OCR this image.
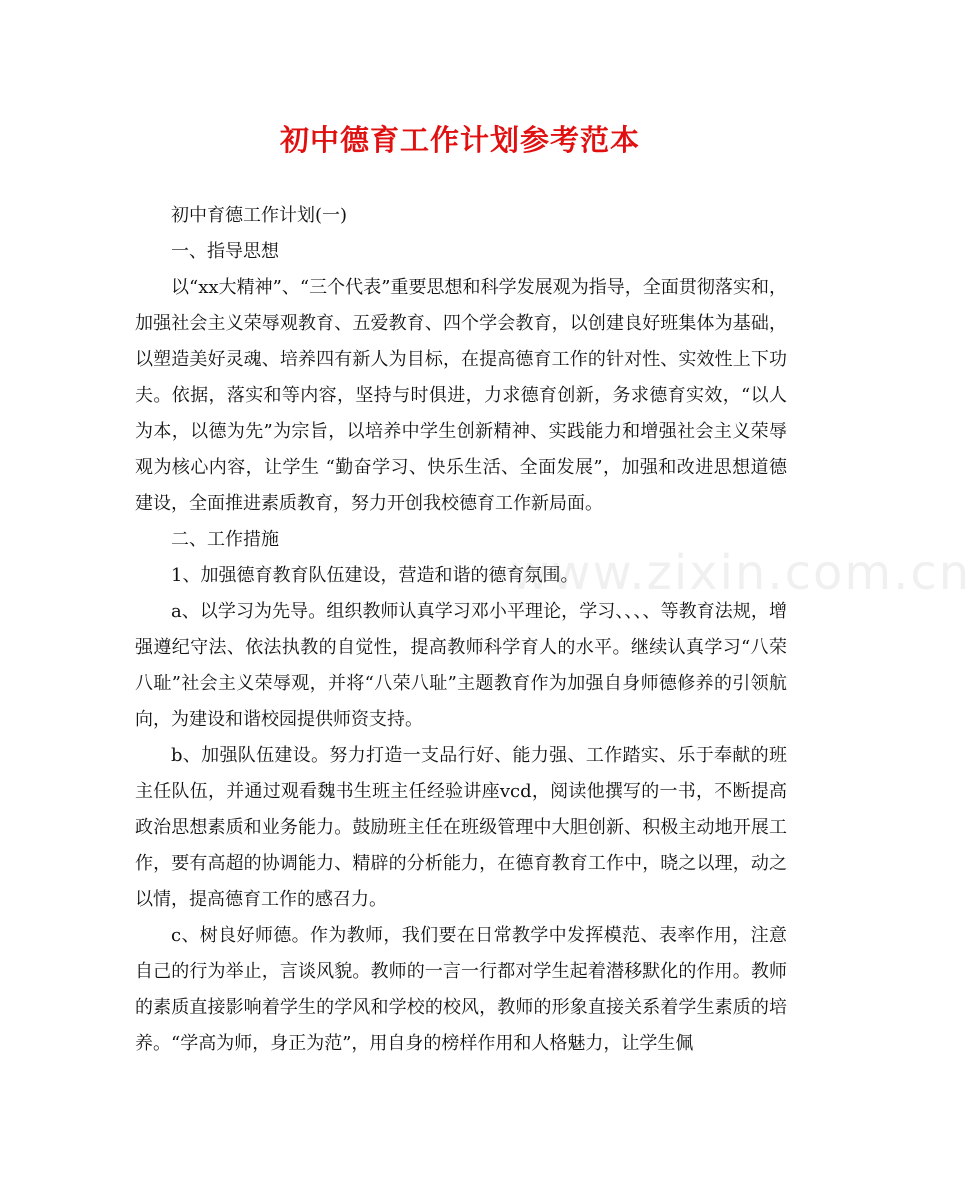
初中德育工作计划参考范本

初中育德工作计划(一)

一、指导思想

以“xx大精神”、“三个代表”重要思想和科学发展观为指导，全面贯彻落实和，加强社会主义荣辱观教育、五爱教育、四个学会教育，以创建良好班集体为基础，以塑造美好灵魂、培养四有新人为目标，在提高德育工作的针对性、实效性上下功夫。依据，落实和等内容，坚持与时俱进，力求德育创新，务求德育实效，“以人为本，以德为先”为宗旨，以培养中学生创新精神、实践能力和增强社会主义荣辱观为核心内容，让学生 “勤奋学习、快乐生活、全面发展”，加强和改进思想道德建设，全面推进素质教育，努力开创我校德育工作新局面。

二、工作措施

1、加强德育教育队伍建设，营造和谐的德育氛围。

a、以学习为先导。组织教师认真学习邓小平理论，学习、、、、等教育法规，增强遵纪守法、依法执教的自觉性，提高教师科学育人的水平。继续认真学习“八荣八耻”社会主义荣辱观，并将“八荣八耻”主题教育作为加强自身师德修养的引领航向，为建设和谐校园提供师资支持。

b、加强队伍建设。努力打造一支品行好、能力强、工作踏实、乐于奉献的班主任队伍，并通过观看魏书生班主任经验讲座vcd，阅读他撰写的一书，不断提高政治思想素质和业务能力。鼓励班主任在班级管理中大胆创新、积极主动地开展工作，要有高超的协调能力、精辟的分析能力，在德育教育工作中，晓之以理，动之以情，提高德育工作的感召力。

c、树良好师德。作为教师，我们要在日常教学中发挥模范、表率作用，注意自己的行为举止，言谈风貌。教师的一言一行都对学生起着潜移默化的作用。教师的素质直接影响着学生的学风和学校的校风，教师的形象直接关系着学生素质的培养。“学高为师，身正为范”，用自身的榜样作用和人格魅力，让学生佩

www.zixin.com.cn
